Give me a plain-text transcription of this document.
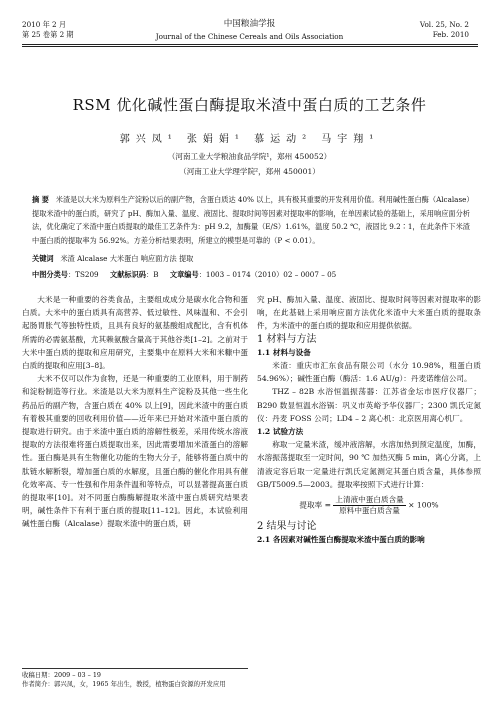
2010 年 2 月
第 25 卷第 2 期
中国粮油学报
Journal of the Chinese Cereals and Oils Association
Vol. 25, No. 2
Feb. 2010
RSM 优化碱性蛋白酶提取米渣中蛋白质的工艺条件
郭兴凤¹ 张娟娟¹ 慕运动² 马宇翔¹
（河南工业大学粮油食品学院¹，郑州 450052）
（河南工业大学理学院²，郑州 450001）
摘 要 米渣是以大米为原料生产淀粉以后的副产物，含蛋白质达 40% 以上，具有极其重要的开发利用价值。利用碱性蛋白酶（Alcalase）提取米渣中的蛋白质，研究了 pH、酶加入量、温度、液固比、提取时间等因素对提取率的影响，在单因素试验的基础上，采用响应面分析法，优化确定了米渣中蛋白质提取的最佳工艺条件为：pH 9.2，加酶量（E/S）1.61%，温度 50.2 ℃，液固比 9.2∶1，在此条件下米渣中蛋白质的提取率为 56.92%。方差分析结果表明，所建立的模型是可靠的（P < 0.01）。
关键词 米渣 Alcalase 大米蛋白 响应面方法 提取
中图分类号：TS209 文献标识码：B 文章编号：1003 – 0174（2010）02 – 0007 – 05

大米是一种重要的谷类食品，主要组成成分是碳水化合物和蛋白质。大米中的蛋白质具有高营养、低过敏性、风味温和、不会引起肠胃胀气等独特性质，且具有良好的氨基酸组成配比，含有机体所需的必需氨基酸，尤其赖氨酸含量高于其他谷类[1–2]。之前对于大米中蛋白质的提取和应用研究，主要集中在原料大米和米糠中蛋白质的提取和应用[3–8]。

大米不仅可以作为食物，还是一种重要的工业原料，用于制药和淀粉制造等行业。米渣是以大米为原料生产淀粉及其他一些生化药品后的副产物，含蛋白质在 40% 以上[9]，因此米渣中的蛋白质有着极其重要的回收利用价值——近年来已开始对米渣中蛋白质的提取进行研究。由于米渣中蛋白质的溶解性极差，采用传统水溶液提取的方法很难将蛋白质提取出来，因此需要增加米渣蛋白的溶解性。蛋白酶是具有生物催化功能的生物大分子，能够将蛋白质中的肽链水解断裂，增加蛋白质的水解度，且蛋白酶的催化作用具有催化效率高、专一性强和作用条件温和等特点，可以显著提高蛋白质的提取率[10]。对不同蛋白酶酶解提取米渣中蛋白质研究结果表明，碱性条件下有利于蛋白质的提取[11–12]。因此，本试验利用碱性蛋白酶（Alcalase）提取米渣中的蛋白质，研

收稿日期：2009 – 03 – 19
作者简介：郭兴凤，女，1965 年出生，教授，植物蛋白资源的开发应用

究 pH、酶加入量、温度、液固比、提取时间等因素对提取率的影响，在此基础上采用响应面方法优化米渣中大米蛋白质的提取条件，为米渣中的蛋白质的提取和应用提供依据。

1 材料与方法

1.1 材料与设备

米渣：重庆市汇东食品有限公司（水分 10.98%，粗蛋白质 54.96%）；碱性蛋白酶（酶活：1.6 AU/g）：丹麦诺维信公司。

THZ – 82B 水浴恒温振荡器：江苏省金坛市医疗仪器厂；B290 数显恒温水浴锅：巩义市英峪予华仪器厂；2300 凯氏定氮仪：丹麦 FOSS 公司；LD4 – 2 离心机：北京医用离心机厂。

1.2 试验方法

称取一定量米渣，缓冲液溶解，水溶加热到预定温度，加酶，水溶振荡提取至一定时间，90 ℃ 加热灭酶 5 min，离心分离，上清液定容后取一定量进行凯氏定氮测定其蛋白质含量，具体参照 GB/T5009.5—2003。提取率按照下式进行计算：

提取率 = $\frac{\text{上清液中蛋白质含量}}{\text{原料中蛋白质含量}} \times 100\%$

2 结果与讨论

2.1 各因素对碱性蛋白酶提取米渣中蛋白质的影响
